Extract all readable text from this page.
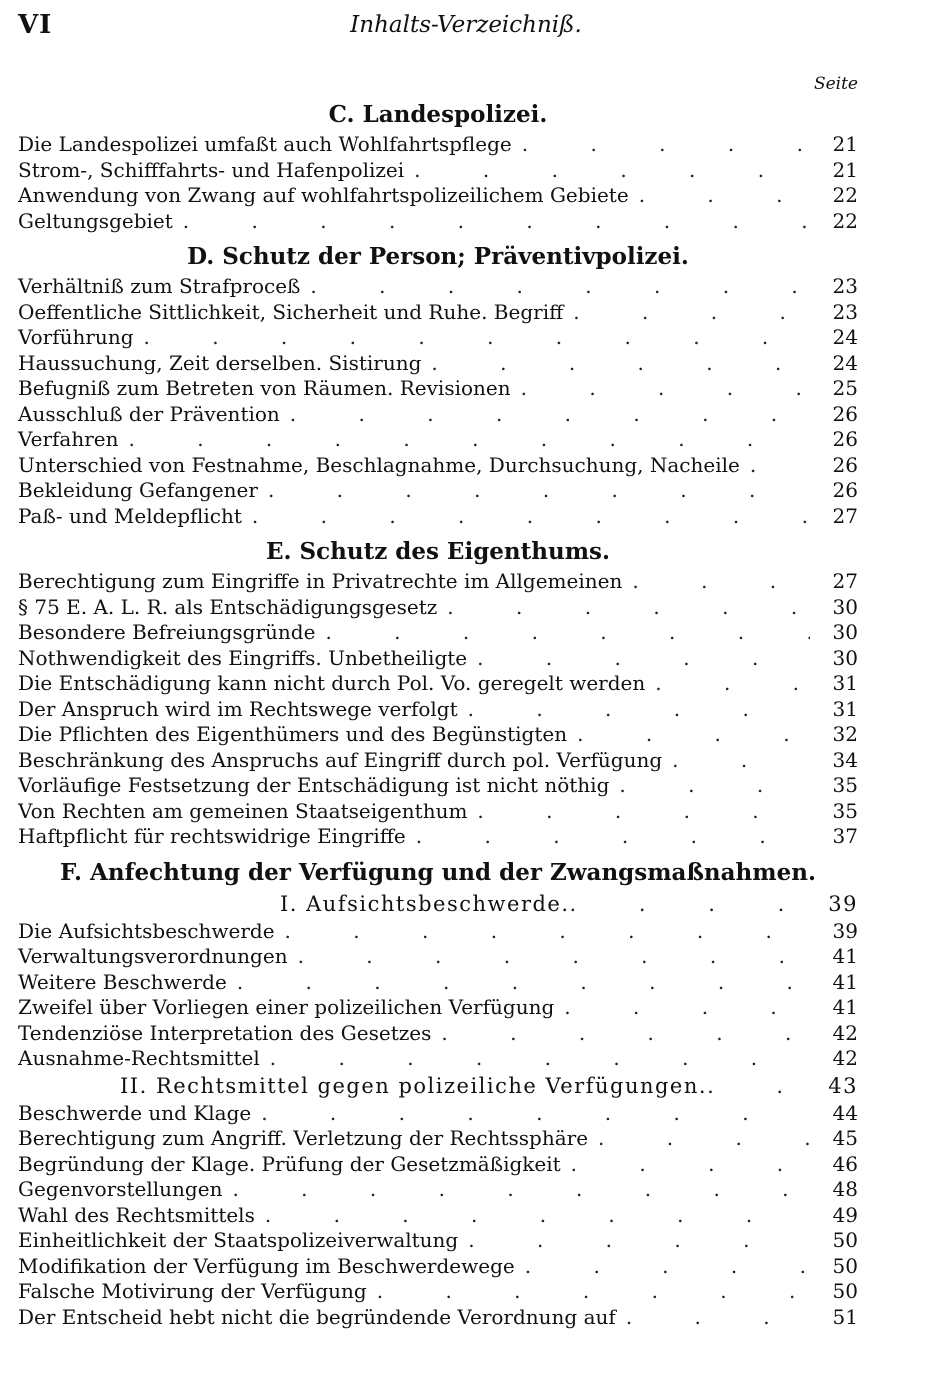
VI	Inhalts-Verzeichniß.
Seite
C. Landespolizei.
Die Landespolizei umfaßt auch Wohlfahrtspflege . . .	21
Strom-, Schifffahrts- und Hafenpolizei . . .	21
Anwendung von Zwang auf wohlfahrtspolizeilichem Gebiete . . .	22
Geltungsgebiet . . .	22
D. Schutz der Person; Präventivpolizei.
Verhältniß zum Strafproceß . . .	23
Oeffentliche Sittlichkeit, Sicherheit und Ruhe. Begriff . . .	23
Vorführung . . .	24
Haussuchung, Zeit derselben. Sistirung . . .	24
Befugniß zum Betreten von Räumen. Revisionen . . .	25
Ausschluß der Prävention . . .	26
Verfahren . . .	26
Unterschied von Festnahme, Beschlagnahme, Durchsuchung, Nacheile . . .	26
Bekleidung Gefangener . . .	26
Paß- und Meldepflicht . . .	27
E. Schutz des Eigenthums.
Berechtigung zum Eingriffe in Privatrechte im Allgemeinen . . .	27
§ 75 E. A. L. R. als Entschädigungsgesetz . . .	30
Besondere Befreiungsgründe . . .	30
Nothwendigkeit des Eingriffs. Unbetheiligte . . .	30
Die Entschädigung kann nicht durch Pol. Vo. geregelt werden . . .	31
Der Anspruch wird im Rechtswege verfolgt . . .	31
Die Pflichten des Eigenthümers und des Begünstigten . . .	32
Beschränkung des Anspruchs auf Eingriff durch pol. Verfügung . . .	34
Vorläufige Festsetzung der Entschädigung ist nicht nöthig . . .	35
Von Rechten am gemeinen Staatseigenthum . . .	35
Haftpflicht für rechtswidrige Eingriffe . . .	37
F. Anfechtung der Verfügung und der Zwangsmaßnahmen.
I. Aufsichtsbeschwerde. . . .	39
Die Aufsichtsbeschwerde . . .	39
Verwaltungsverordnungen . . .	41
Weitere Beschwerde . . .	41
Zweifel über Vorliegen einer polizeilichen Verfügung . . .	41
Tendenziöse Interpretation des Gesetzes . . .	42
Ausnahme-Rechtsmittel . . .	42
II. Rechtsmittel gegen polizeiliche Verfügungen. . . .	43
Beschwerde und Klage . . .	44
Berechtigung zum Angriff. Verletzung der Rechtssphäre . . .	45
Begründung der Klage. Prüfung der Gesetzmäßigkeit . . .	46
Gegenvorstellungen . . .	48
Wahl des Rechtsmittels . . .	49
Einheitlichkeit der Staatspolizeiverwaltung . . .	50
Modifikation der Verfügung im Beschwerdewege . . .	50
Falsche Motivirung der Verfügung . . .	50
Der Entscheid hebt nicht die begründende Verordnung auf . . .	51
